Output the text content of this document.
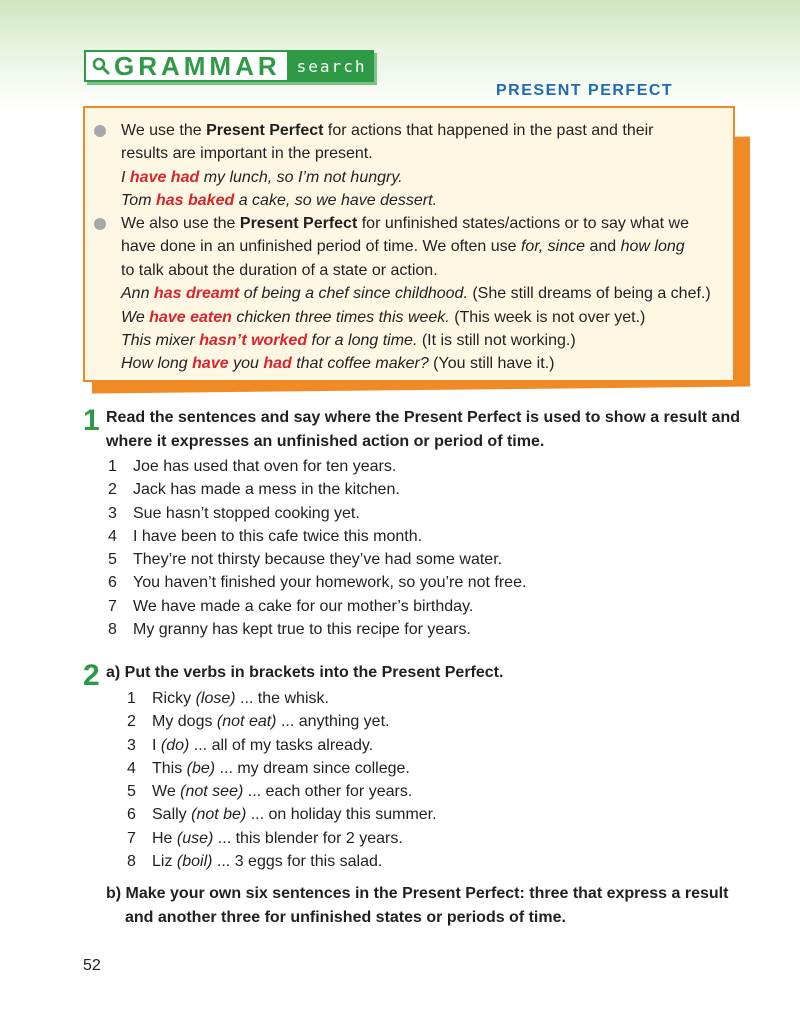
GRAMMAR search
PRESENT PERFECT

We use the Present Perfect for actions that happened in the past and their

results are important in the present.

I have had my lunch, so I’m not hungry.

Tom has baked a cake, so we have dessert.

We also use the Present Perfect for unfinished states/actions or to say what we

have done in an unfinished period of time. We often use for, since and how long

to talk about the duration of a state or action.

Ann has dreamt of being a chef since childhood. (She still dreams of being a chef.)

We have eaten chicken three times this week. (This week is not over yet.)

This mixer hasn’t worked for a long time. (It is still not working.)

How long have you had that coffee maker? (You still have it.)

1 Read the sentences and say where the Present Perfect is used to show a result and
where it expresses an unfinished action or period of time.
1 Joe has used that oven for ten years.
2 Jack has made a mess in the kitchen.
3 Sue hasn’t stopped cooking yet.
4 I have been to this cafe twice this month.
5 They’re not thirsty because they’ve had some water.
6 You haven’t finished your homework, so you’re not free.
7 We have made a cake for our mother’s birthday.
8 My granny has kept true to this recipe for years.
2 a) Put the verbs in brackets into the Present Perfect.
1 Ricky (lose) ... the whisk.
2 My dogs (not eat) ... anything yet.
3 I (do) ... all of my tasks already.
4 This (be) ... my dream since college.
5 We (not see) ... each other for years.
6 Sally (not be) ... on holiday this summer.
7 He (use) ... this blender for 2 years.
8 Liz (boil) ... 3 eggs for this salad.
b) Make your own six sentences in the Present Perfect: three that express a result
and another three for unfinished states or periods of time.
52
